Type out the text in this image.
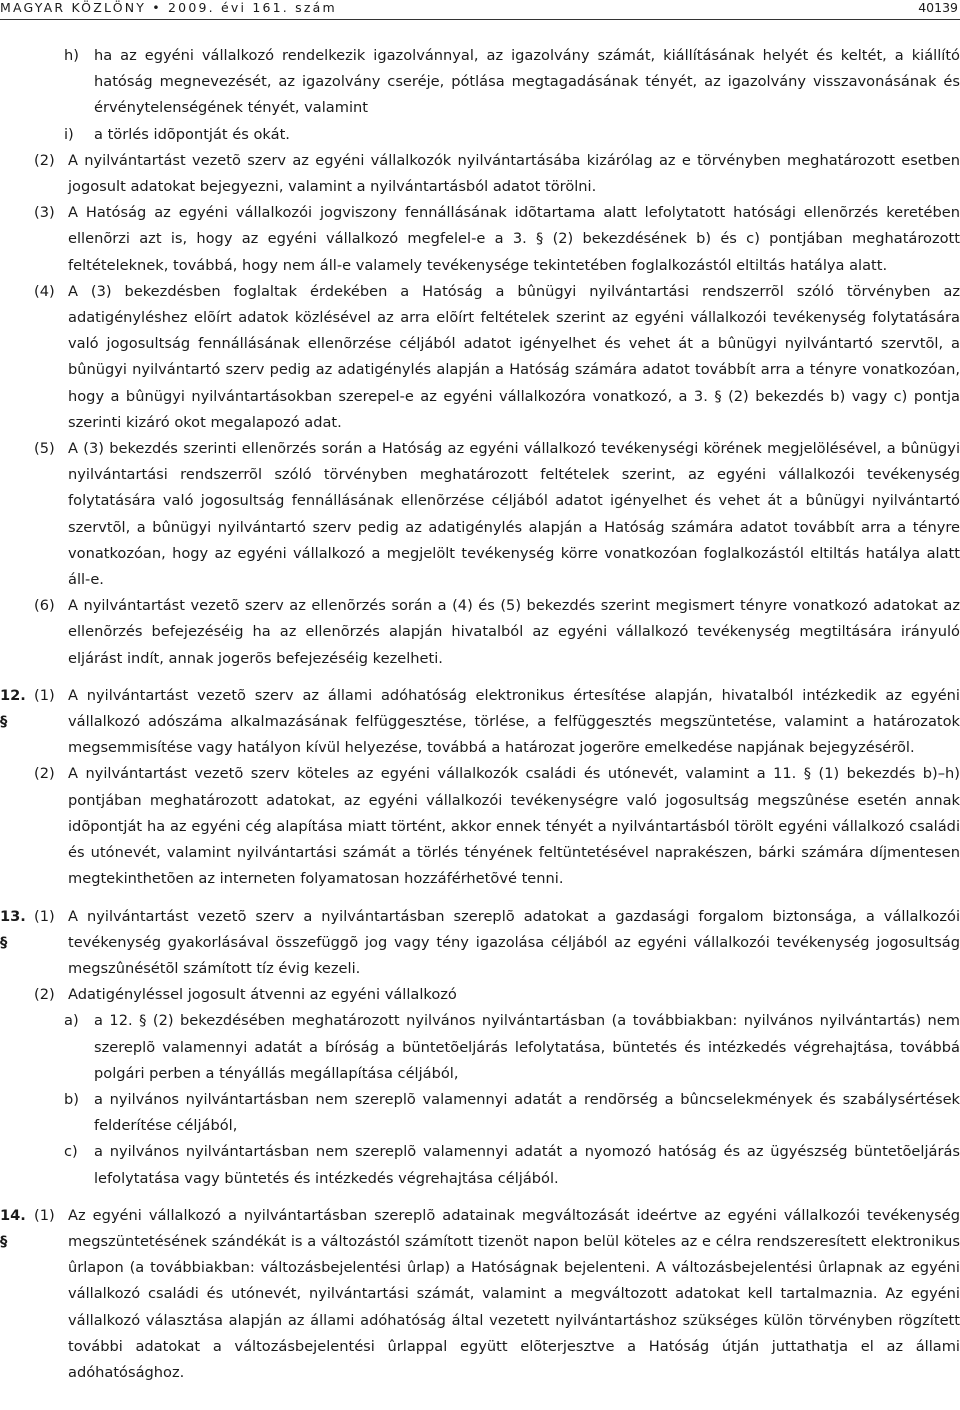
MAGYAR KÖZLÖNY • 2009. évi 161. szám	40139
h)	ha az egyéni vállalkozó rendelkezik igazolvánnyal, az igazolvány számát, kiállításának helyét és keltét, a kiállító hatóság megnevezését, az igazolvány cseréje, pótlása megtagadásának tényét, az igazolvány visszavonásának és érvénytelenségének tényét, valamint
i)	a törlés idõpontját és okát.
(2) A nyilvántartást vezetõ szerv az egyéni vállalkozók nyilvántartásába kizárólag az e törvényben meghatározott esetben jogosult adatokat bejegyezni, valamint a nyilvántartásból adatot törölni.
(3) A Hatóság az egyéni vállalkozói jogviszony fennállásának idõtartama alatt lefolytatott hatósági ellenõrzés keretében ellenõrzi azt is, hogy az egyéni vállalkozó megfelel-e a 3. § (2) bekezdésének b) és c) pontjában meghatározott feltételeknek, továbbá, hogy nem áll-e valamely tevékenysége tekintetében foglalkozástól eltiltás hatálya alatt.
(4) A (3) bekezdésben foglaltak érdekében a Hatóság a bûnügyi nyilvántartási rendszerrõl szóló törvényben az adatigényléshez elõírt adatok közlésével az arra elõírt feltételek szerint az egyéni vállalkozói tevékenység folytatására való jogosultság fennállásának ellenõrzése céljából adatot igényelhet és vehet át a bûnügyi nyilvántartó szervtõl, a bûnügyi nyilvántartó szerv pedig az adatigénylés alapján a Hatóság számára adatot továbbít arra a tényre vonatkozóan, hogy a bûnügyi nyilvántartásokban szerepel-e az egyéni vállalkozóra vonatkozó, a 3. § (2) bekezdés b) vagy c) pontja szerinti kizáró okot megalapozó adat.
(5) A (3) bekezdés szerinti ellenõrzés során a Hatóság az egyéni vállalkozó tevékenységi körének megjelölésével, a bûnügyi nyilvántartási rendszerrõl szóló törvényben meghatározott feltételek szerint, az egyéni vállalkozói tevékenység folytatására való jogosultság fennállásának ellenõrzése céljából adatot igényelhet és vehet át a bûnügyi nyilvántartó szervtõl, a bûnügyi nyilvántartó szerv pedig az adatigénylés alapján a Hatóság számára adatot továbbít arra a tényre vonatkozóan, hogy az egyéni vállalkozó a megjelölt tevékenység körre vonatkozóan foglalkozástól eltiltás hatálya alatt áll-e.
(6) A nyilvántartást vezetõ szerv az ellenõrzés során a (4) és (5) bekezdés szerint megismert tényre vonatkozó adatokat az ellenõrzés befejezéséig ha az ellenõrzés alapján hivatalból az egyéni vállalkozó tevékenység megtiltására irányuló eljárást indít, annak jogerõs befejezéséig kezelheti.
12. §
(1) A nyilvántartást vezetõ szerv az állami adóhatóság elektronikus értesítése alapján, hivatalból intézkedik az egyéni vállalkozó adószáma alkalmazásának felfüggesztése, törlése, a felfüggesztés megszüntetése, valamint a határozatok megsemmisítése vagy hatályon kívül helyezése, továbbá a határozat jogerõre emelkedése napjának bejegyzésérõl.
(2) A nyilvántartást vezetõ szerv köteles az egyéni vállalkozók családi és utónevét, valamint a 11. § (1) bekezdés b)–h) pontjában meghatározott adatokat, az egyéni vállalkozói tevékenységre való jogosultság megszûnése esetén annak idõpontját ha az egyéni cég alapítása miatt történt, akkor ennek tényét a nyilvántartásból törölt egyéni vállalkozó családi és utónevét, valamint nyilvántartási számát a törlés tényének feltüntetésével naprakészen, bárki számára díjmentesen megtekinthetõen az interneten folyamatosan hozzáférhetõvé tenni.
13. §
(1) A nyilvántartást vezetõ szerv a nyilvántartásban szereplõ adatokat a gazdasági forgalom biztonsága, a vállalkozói tevékenység gyakorlásával összefüggõ jog vagy tény igazolása céljából az egyéni vállalkozói tevékenység jogosultság megszûnésétõl számított tíz évig kezeli.
(2) Adatigényléssel jogosult átvenni az egyéni vállalkozó
a)	a 12. § (2) bekezdésében meghatározott nyilvános nyilvántartásban (a továbbiakban: nyilvános nyilvántartás) nem szereplõ valamennyi adatát a bíróság a büntetõeljárás lefolytatása, büntetés és intézkedés végrehajtása, továbbá polgári perben a tényállás megállapítása céljából,
b)	a nyilvános nyilvántartásban nem szereplõ valamennyi adatát a rendõrség a bûncselekmények és szabálysértések felderítése céljából,
c)	a nyilvános nyilvántartásban nem szereplõ valamennyi adatát a nyomozó hatóság és az ügyészség büntetõeljárás lefolytatása vagy büntetés és intézkedés végrehajtása céljából.
14. §
(1) Az egyéni vállalkozó a nyilvántartásban szereplõ adatainak megváltozását ideértve az egyéni vállalkozói tevékenység megszüntetésének szándékát is a változástól számított tizenöt napon belül köteles az e célra rendszeresített elektronikus ûrlapon (a továbbiakban: változásbejelentési ûrlap) a Hatóságnak bejelenteni. A változásbejelentési ûrlapnak az egyéni vállalkozó családi és utónevét, nyilvántartási számát, valamint a megváltozott adatokat kell tartalmaznia. Az egyéni vállalkozó választása alapján az állami adóhatóság által vezetett nyilvántartáshoz szükséges külön törvényben rögzített további adatokat a változásbejelentési ûrlappal együtt elõterjesztve a Hatóság útján juttathatja el az állami adóhatósághoz.
